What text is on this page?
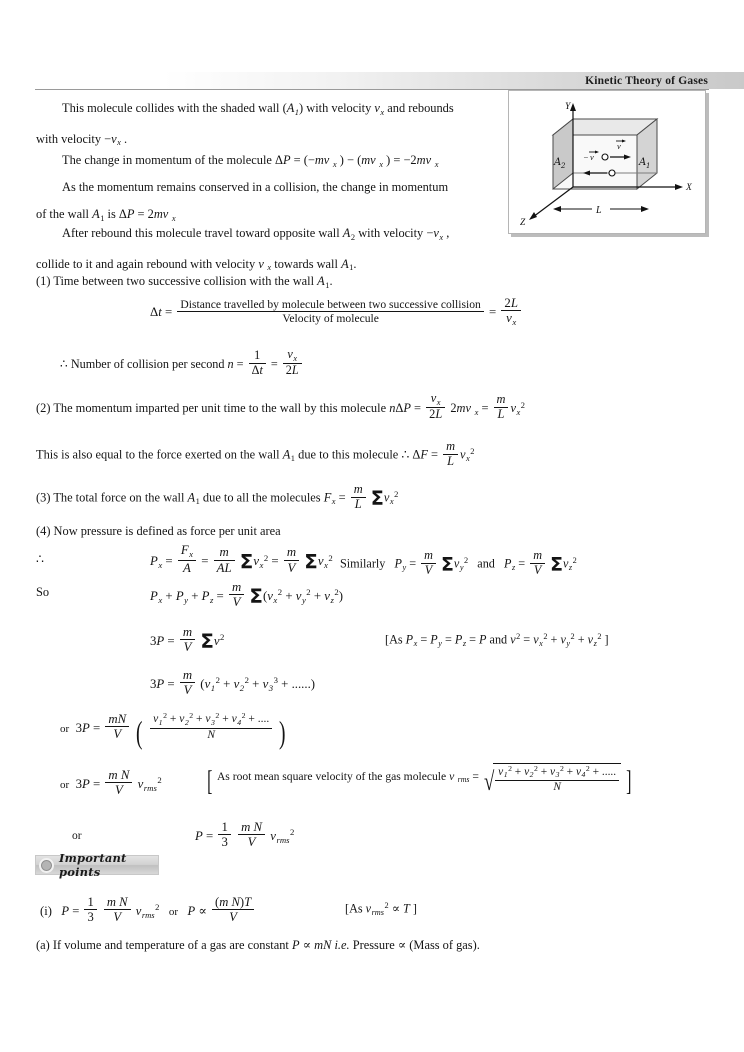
Kinetic Theory of Gases
Y
X
Z
A 2	A 1
v
− v
L
This molecule collides with the shaded wall $(A_1)$ with velocity $v_x$ and rebounds
with velocity $-v_x$ .
The change in momentum of the molecule ΔP = (−mv $_x$ ) − (mv $_x$ ) = −2mv $_x$
As the momentum remains conserved in a collision, the change in momentum
of the wall $A_1$ is ΔP = 2mv $_x$
After rebound this molecule travel toward opposite wall $A_2$ with velocity $-v_x$ ,
collide to it and again rebound with velocity v $_x$ towards wall $A_1$.
(1) Time between two successive collision with the wall $A_1$.
Δt =
Distance travelled by molecule between two successive collision
Velocity of molecule	= $\frac{2L}{v_x}$
∴ Number of collision per second $n = \frac{1}{\Delta t} = \frac{v_x}{2L}$
(2) The momentum imparted per unit time to the wall by this molecule $n\Delta P = \frac{v_x}{2L} 2mv$ $_x = \frac{m}{L} v_x^2$
This is also equal to the force exerted on the wall $A_1$ due to this molecule ∴ $\Delta F = \frac{m}{L} v_x^2$
(3) The total force on the wall $A_1$ due to all the molecules $F_x = \frac{m}{L} \Sigma v_x^2$
(4) Now pressure is defined as force per unit area
∴	$P_x = \frac{F_x}{A} = \frac{m}{AL} \Sigma v_x^2 = \frac{m}{V} \Sigma v_x^2$ Similarly $P_y = \frac{m}{V} \Sigma v_y^2$ and $P_z = \frac{m}{V} \Sigma v_z^2$
So	$P_x + P_y + P_z = \frac{m}{V} \Sigma(v_x^2 + v_y^2 + v_z^2)$
$3P = \frac{m}{V} \Sigma v^2$	[As $P_x = P_y = P_z = P$ and $v^2 = v_x^2 + v_y^2 + v_z^2$ ]
$3P = \frac{m}{V} (v_1^2 + v_2^2 + v_3^3$ + ......)
or  $3P = \frac{mN}{V}$ ( $\frac{v_1^2 + v_2^2 + v_3^2 + v_4^2 + ....}{N}$ )
or  $3P = \frac{\text{m N}}{V} v_{rms}^2$ [ As root mean square velocity of the gas molecule v $_{rms}$ = √ $\frac{v_1^2 + v_2^2 + v_3^2 + v_4^2 + .....}{N}$ ]
or	$P = \frac{1}{3}$
$\frac{\text{m N}}{V} v_{rms}^2$
(i) $P = \frac{1}{3}$
$\frac{\text{m N}}{V} v_{rms}^2$ or $P \propto \frac{\text{(m N)T}}{V}$	[As $v_{rms}^2 \propto T$ ]
(a) If volume and temperature of a gas are constant P ∝ mN i.e. Pressure ∝ (Mass of gas).
Important points
